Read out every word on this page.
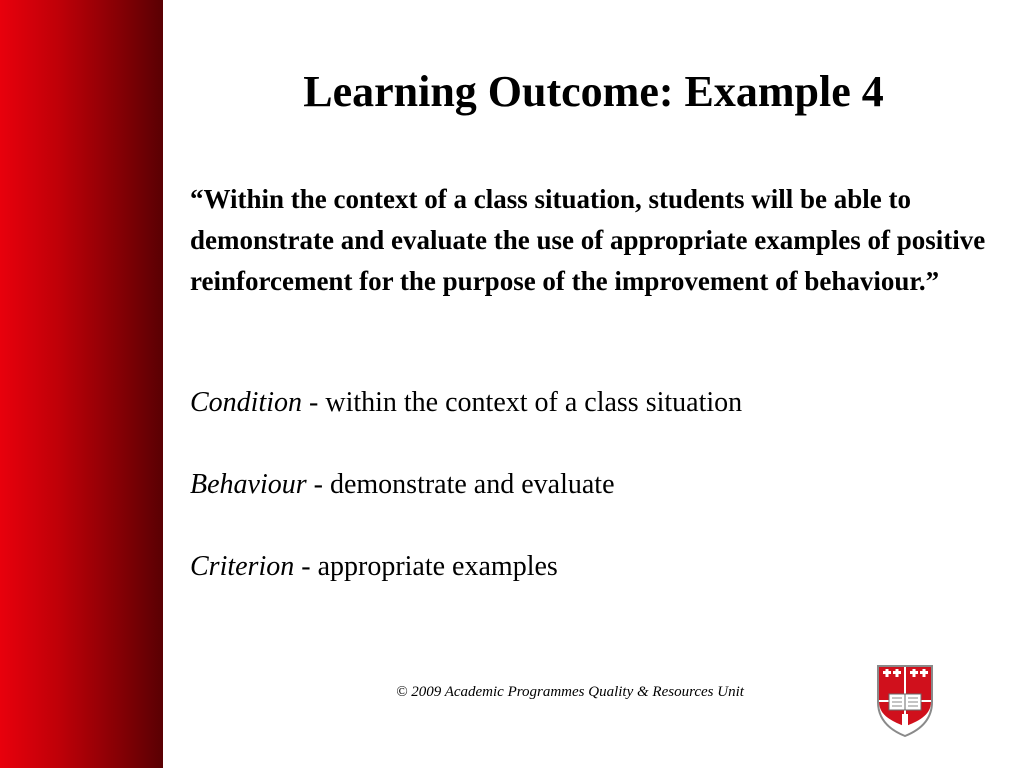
Learning Outcome: Example 4
“Within the context of a class situation, students will be able to demonstrate and evaluate the use of appropriate examples of positive reinforcement for the purpose of the improvement of behaviour.”
Condition - within the context of a class situation
Behaviour - demonstrate and evaluate
Criterion - appropriate examples
© 2009 Academic Programmes Quality & Resources Unit
